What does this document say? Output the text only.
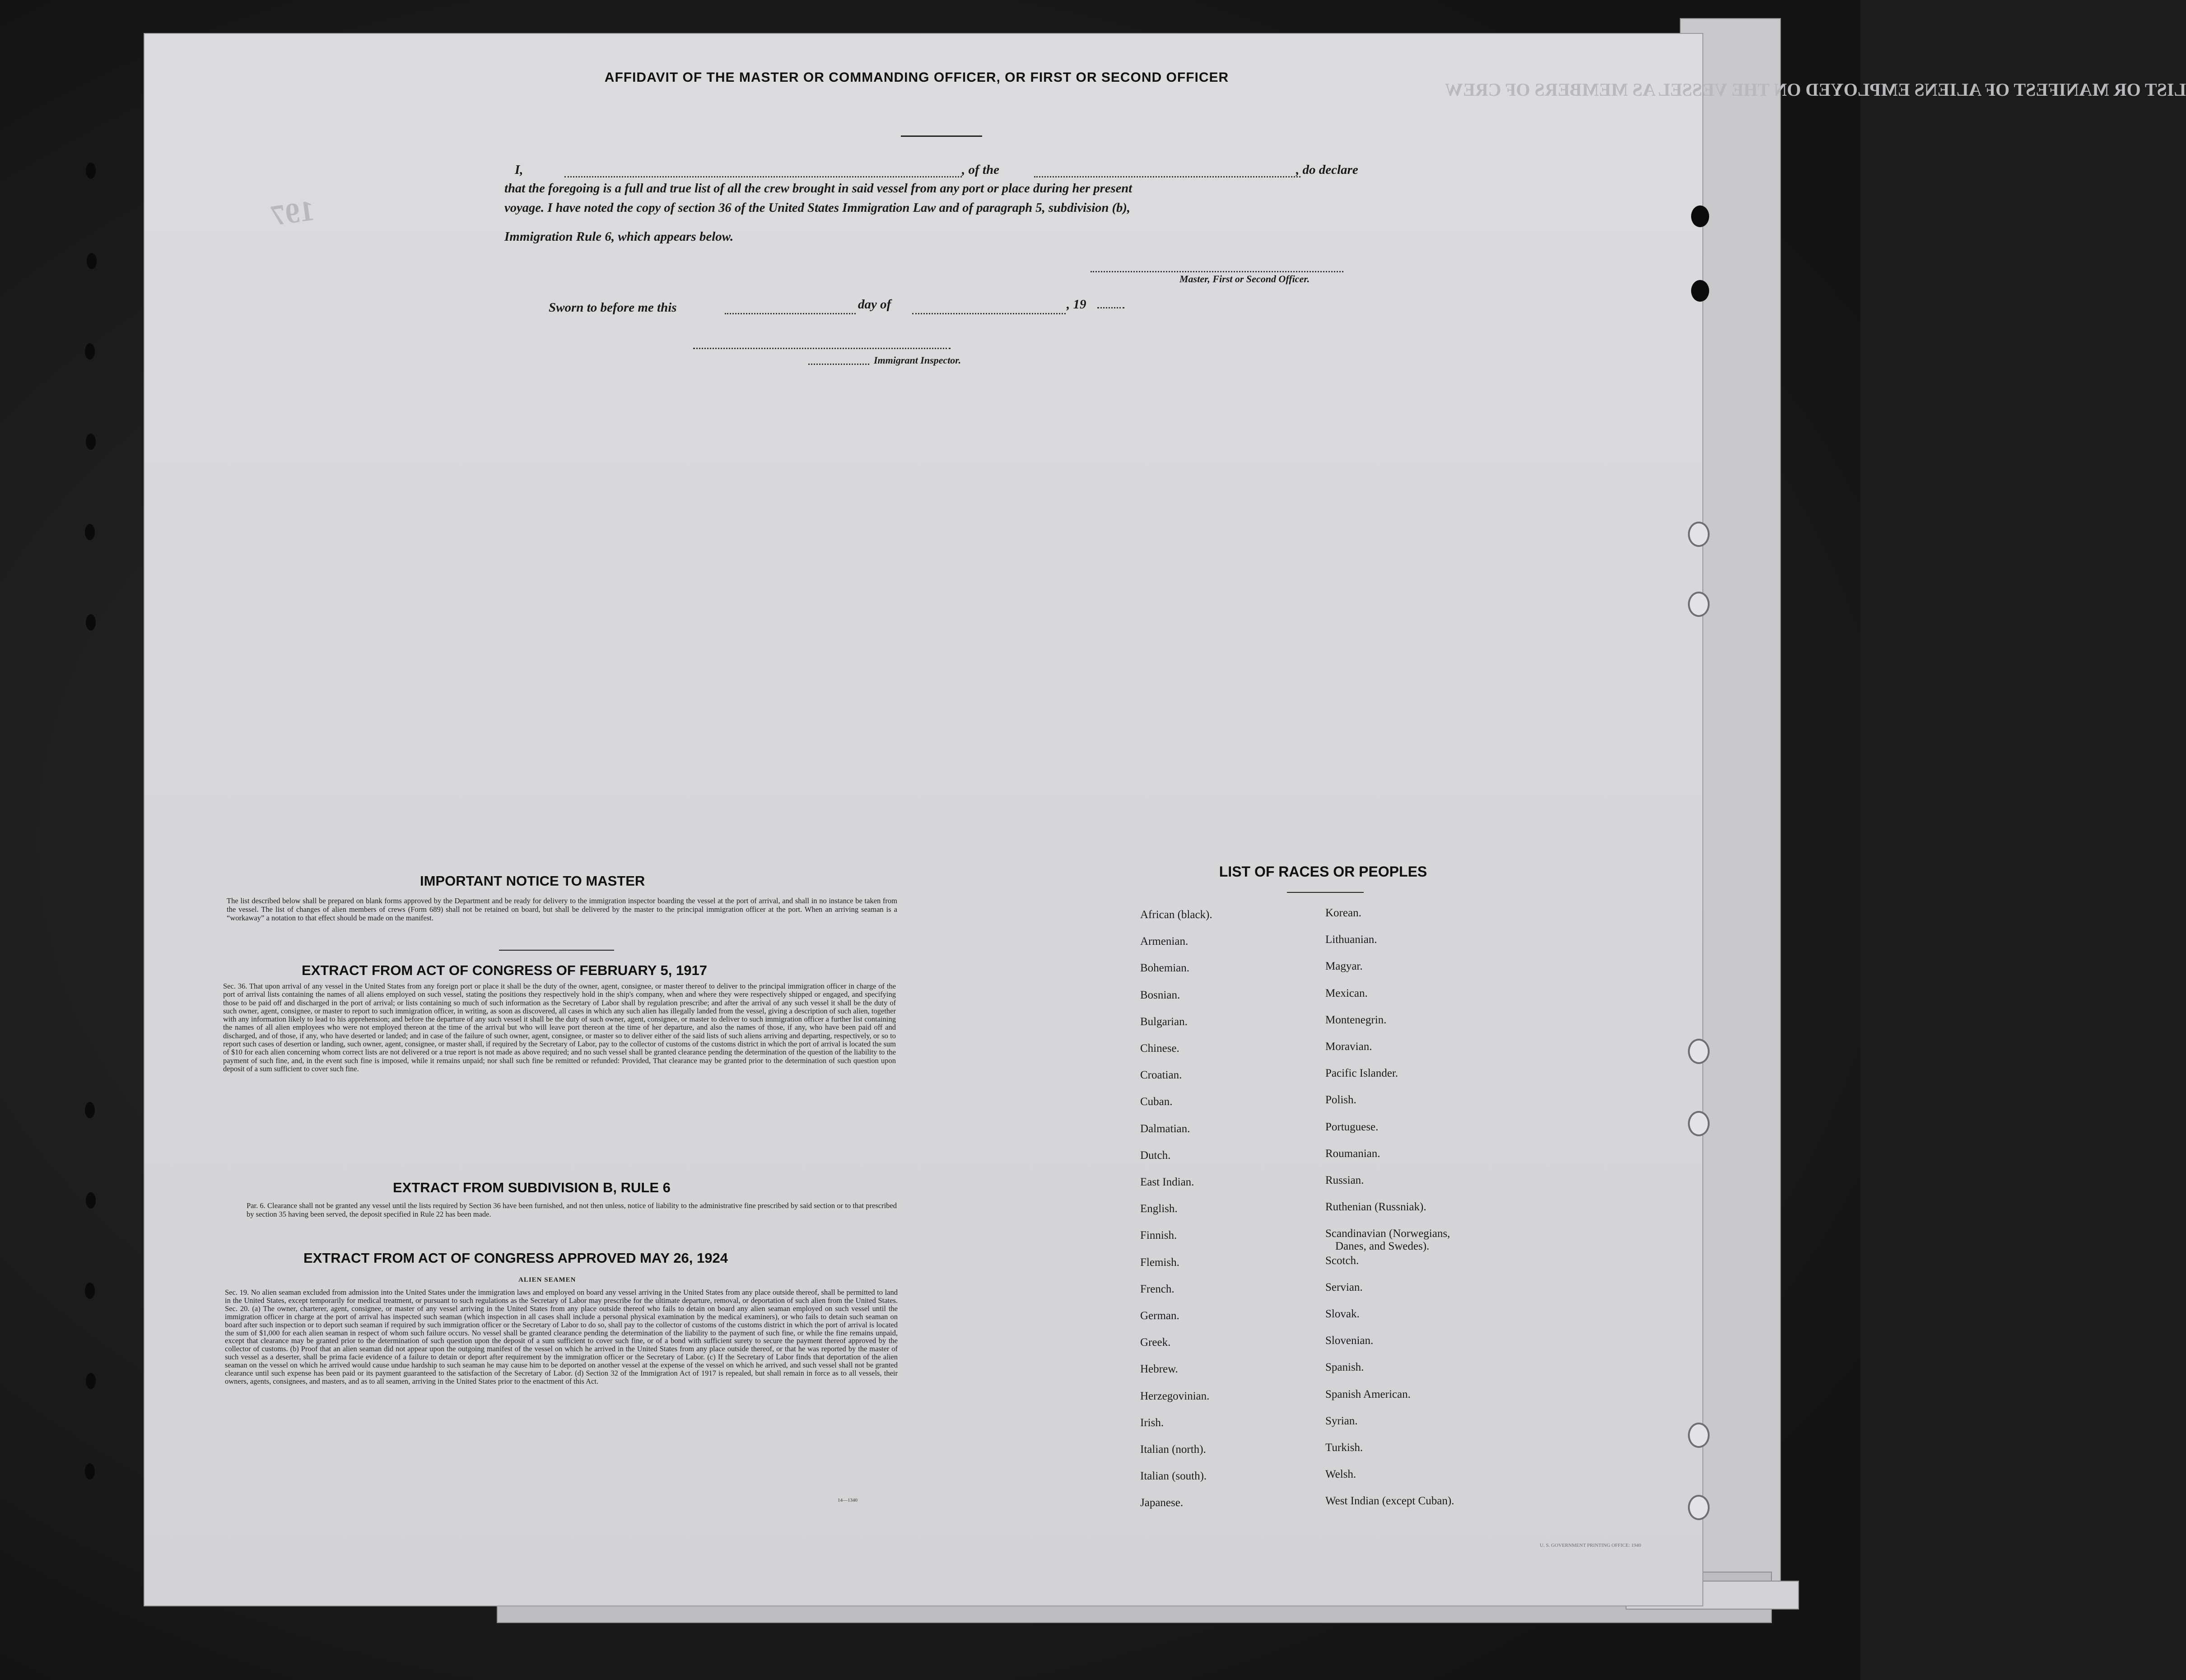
LIST OR MANIFEST OF ALIENS EMPLOYED ON THE VESSEL AS MEMBERS OF CREW
197
AFFIDAVIT OF THE MASTER OR COMMANDING OFFICER, OR FIRST OR SECOND OFFICER
I,	, of the	, do declare
that the foregoing is a full and true list of all the crew brought in said vessel from any port or place during her present
voyage. I have noted the copy of section 36 of the United States Immigration Law and of paragraph 5, subdivision (b),
Immigration Rule 6, which appears below.
Master, First or Second Officer.
Sworn to before me this	day of	, 19
Immigrant Inspector.
IMPORTANT NOTICE TO MASTER
The list described below shall be prepared on blank forms approved by the Department and be ready for delivery to the immigration inspector boarding the vessel at the port of arrival, and shall in no instance be taken from the vessel. The list of changes of alien members of crews (Form 689) shall not be retained on board, but shall be delivered by the master to the principal immigration officer at the port. When an arriving seaman is a “workaway” a notation to that effect should be made on the manifest.
EXTRACT FROM ACT OF CONGRESS OF FEBRUARY 5, 1917
Sec. 36. That upon arrival of any vessel in the United States from any foreign port or place it shall be the duty of the owner, agent, consignee, or master thereof to deliver to the principal immigration officer in charge of the port of arrival lists containing the names of all aliens employed on such vessel, stating the positions they respectively hold in the ship's company, when and where they were respectively shipped or engaged, and specifying those to be paid off and discharged in the port of arrival; or lists containing so much of such information as the Secretary of Labor shall by regulation prescribe; and after the arrival of any such vessel it shall be the duty of such owner, agent, consignee, or master to report to such immigration officer, in writing, as soon as discovered, all cases in which any such alien has illegally landed from the vessel, giving a description of such alien, together with any information likely to lead to his apprehension; and before the departure of any such vessel it shall be the duty of such owner, agent, consignee, or master to deliver to such immigration officer a further list containing the names of all alien employees who were not employed thereon at the time of the arrival but who will leave port thereon at the time of her departure, and also the names of those, if any, who have been paid off and discharged, and of those, if any, who have deserted or landed; and in case of the failure of such owner, agent, consignee, or master so to deliver either of the said lists of such aliens arriving and departing, respectively, or so to report such cases of desertion or landing, such owner, agent, consignee, or master shall, if required by the Secretary of Labor, pay to the collector of customs of the customs district in which the port of arrival is located the sum of $10 for each alien concerning whom correct lists are not delivered or a true report is not made as above required; and no such vessel shall be granted clearance pending the determination of the question of the liability to the payment of such fine, and, in the event such fine is imposed, while it remains unpaid; nor shall such fine be remitted or refunded: Provided, That clearance may be granted prior to the determination of such question upon deposit of a sum sufficient to cover such fine.
EXTRACT FROM SUBDIVISION B, RULE 6
Par. 6. Clearance shall not be granted any vessel until the lists required by Section 36 have been furnished, and not then unless, notice of liability to the administrative fine prescribed by said section or to that prescribed by section 35 having been served, the deposit specified in Rule 22 has been made.
EXTRACT FROM ACT OF CONGRESS APPROVED MAY 26, 1924
ALIEN SEAMEN
Sec. 19. No alien seaman excluded from admission into the United States under the immigration laws and employed on board any vessel arriving in the United States from any place outside thereof, shall be permitted to land in the United States, except temporarily for medical treatment, or pursuant to such regulations as the Secretary of Labor may prescribe for the ultimate departure, removal, or deportation of such alien from the United States. Sec. 20. (a) The owner, charterer, agent, consignee, or master of any vessel arriving in the United States from any place outside thereof who fails to detain on board any alien seaman employed on such vessel until the immigration officer in charge at the port of arrival has inspected such seaman (which inspection in all cases shall include a personal physical examination by the medical examiners), or who fails to detain such seaman on board after such inspection or to deport such seaman if required by such immigration officer or the Secretary of Labor to do so, shall pay to the collector of customs of the customs district in which the port of arrival is located the sum of $1,000 for each alien seaman in respect of whom such failure occurs. No vessel shall be granted clearance pending the determination of the liability to the payment of such fine, or while the fine remains unpaid, except that clearance may be granted prior to the determination of such question upon the deposit of a sum sufficient to cover such fine, or of a bond with sufficient surety to secure the payment thereof approved by the collector of customs. (b) Proof that an alien seaman did not appear upon the outgoing manifest of the vessel on which he arrived in the United States from any place outside thereof, or that he was reported by the master of such vessel as a deserter, shall be prima facie evidence of a failure to detain or deport after requirement by the immigration officer or the Secretary of Labor. (c) If the Secretary of Labor finds that deportation of the alien seaman on the vessel on which he arrived would cause undue hardship to such seaman he may cause him to be deported on another vessel at the expense of the vessel on which he arrived, and such vessel shall not be granted clearance until such expense has been paid or its payment guaranteed to the satisfaction of the Secretary of Labor. (d) Section 32 of the Immigration Act of 1917 is repealed, but shall remain in force as to all vessels, their owners, agents, consignees, and masters, and as to all seamen, arriving in the United States prior to the enactment of this Act.
14—1340
LIST OF RACES OR PEOPLES
African (black).
Armenian.
Bohemian.
Bosnian.
Bulgarian.
Chinese.
Croatian.
Cuban.
Dalmatian.
Dutch.
East Indian.
English.
Finnish.
Flemish.
French.
German.
Greek.
Hebrew.
Herzegovinian.
Irish.
Italian (north).
Italian (south).
Japanese.
Korean.
Lithuanian.
Magyar.
Mexican.
Montenegrin.
Moravian.
Pacific Islander.
Polish.
Portuguese.
Roumanian.
Russian.
Ruthenian (Russniak).
Scandinavian (Norwegians,
Danes, and Swedes).
Scotch.
Servian.
Slovak.
Slovenian.
Spanish.
Spanish American.
Syrian.
Turkish.
Welsh.
West Indian (except Cuban).
U. S. GOVERNMENT PRINTING OFFICE: 1940
